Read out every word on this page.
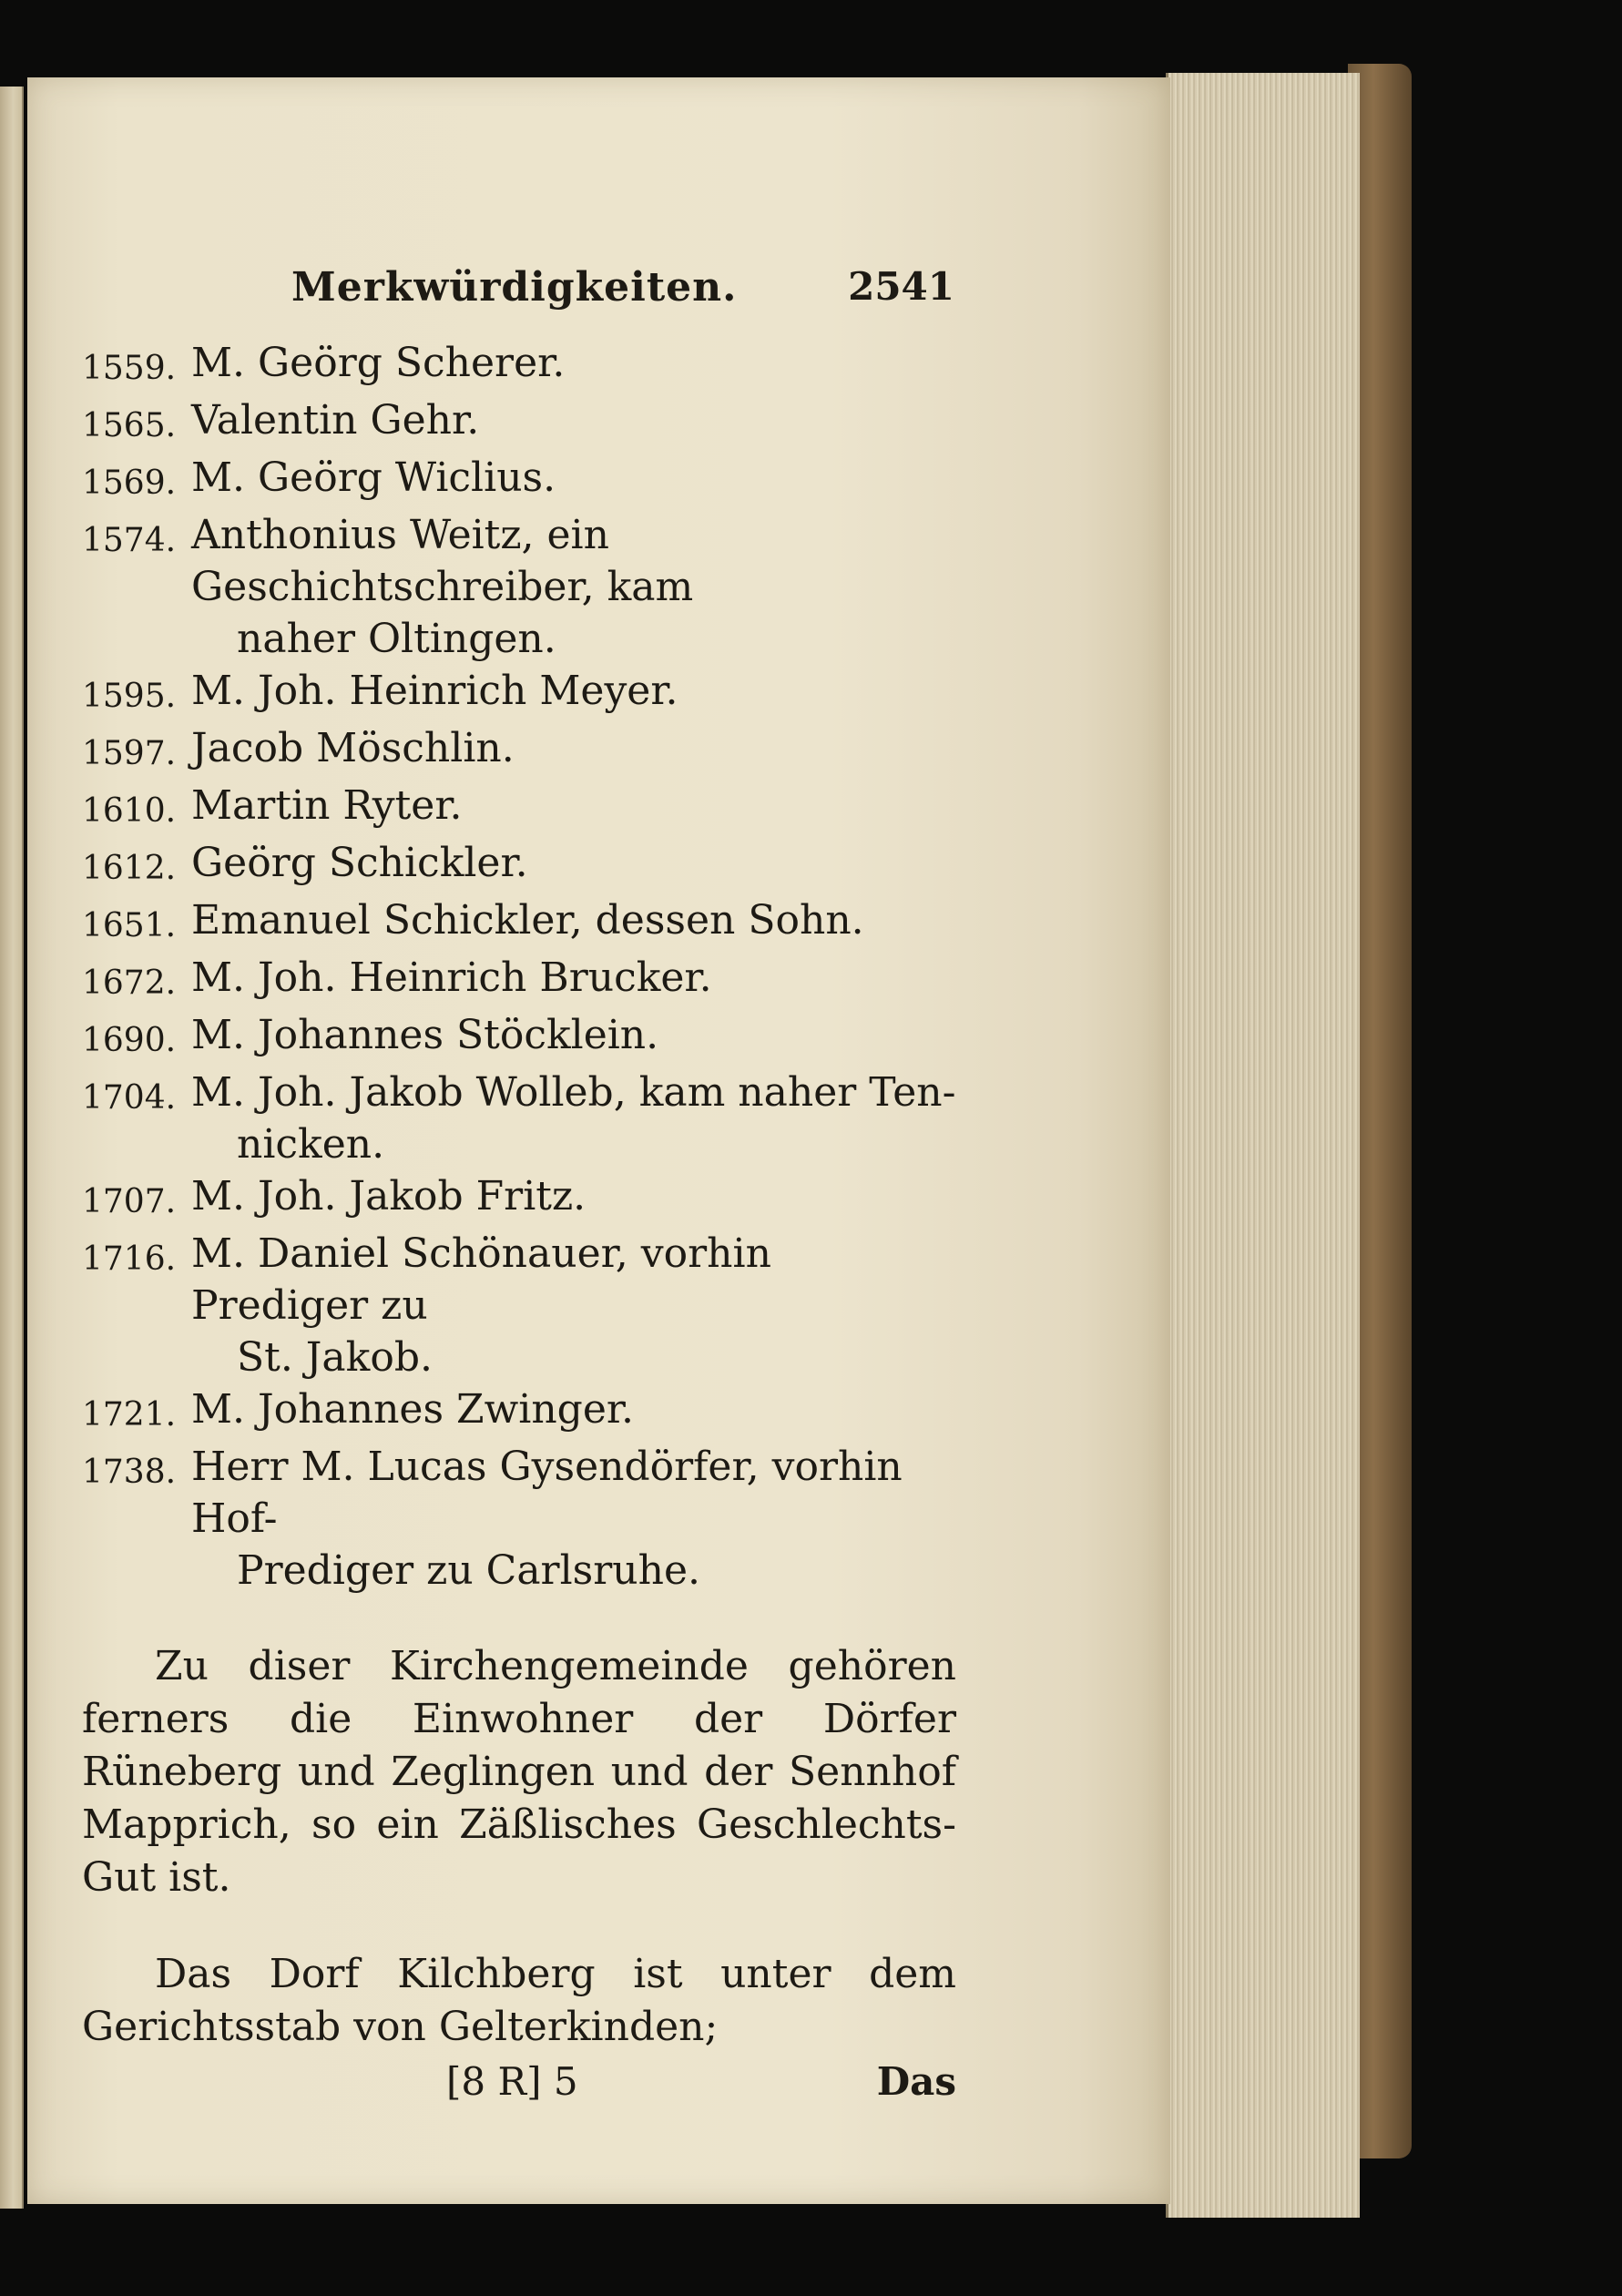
Merkwürdigkeiten.	2541
1559. M. Geörg Scherer.
1565. Valentin Gehr.
1569. M. Geörg Wiclius.
1574. Anthonius Weitz, ein Geschichtschreiber, kam
naher Oltingen.
1595. M. Joh. Heinrich Meyer.
1597. Jacob Möschlin.
1610. Martin Ryter.
1612. Geörg Schickler.
1651. Emanuel Schickler, dessen Sohn.
1672. M. Joh. Heinrich Brucker.
1690. M. Johannes Stöcklein.
1704. M. Joh. Jakob Wolleb, kam naher Ten-
nicken.
1707. M. Joh. Jakob Fritz.
1716. M. Daniel Schönauer, vorhin Prediger zu
St. Jakob.
1721. M. Johannes Zwinger.
1738. Herr M. Lucas Gysendörfer, vorhin Hof-
Prediger zu Carlsruhe.

Zu diser Kirchengemeinde gehören ferners die Einwohner der Dörfer Rüneberg und Zeglingen und der Sennhof Mapprich, so ein Zäßlisches Geschlechts-Gut ist.

Das Dorf Kilchberg ist unter dem Gerichtsstab von Gelterkinden;

[8 R] 5	Das
